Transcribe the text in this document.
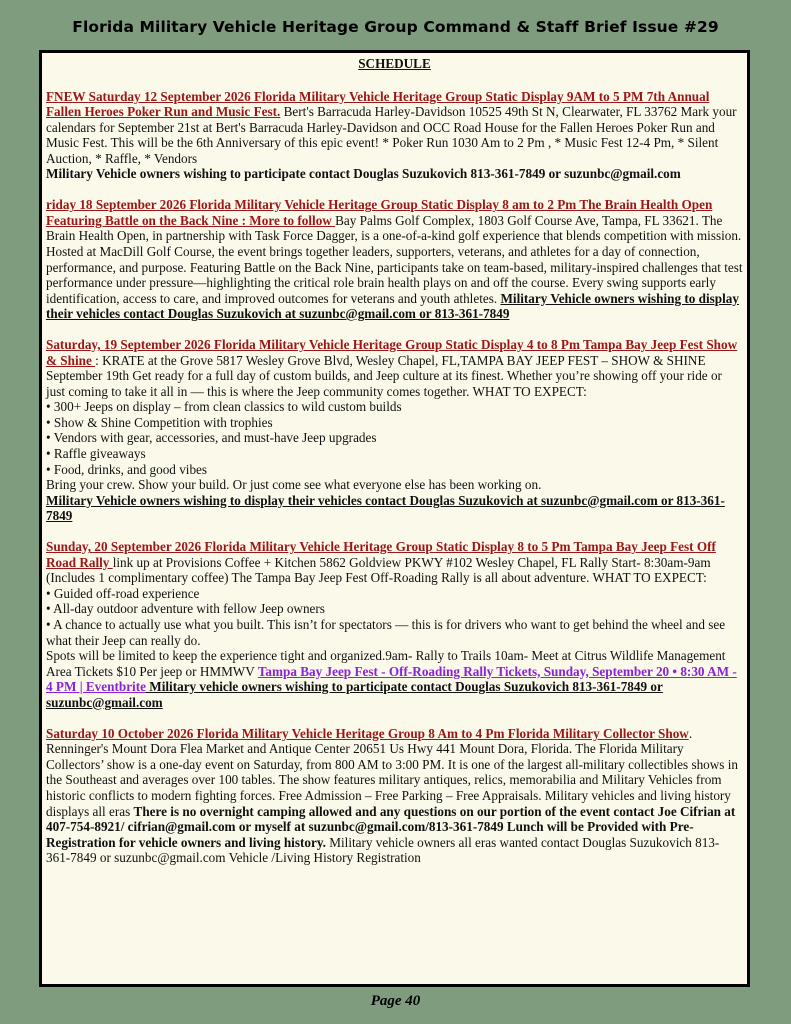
Florida Military Vehicle Heritage Group Command & Staff Brief Issue #29
SCHEDULE

FNEW Saturday 12 September 2026 Florida Military Vehicle Heritage Group Static Display 9AM to 5 PM 7th Annual Fallen Heroes Poker Run and Music Fest. Bert's Barracuda Harley-Davidson 10525 49th St N, Clearwater, FL 33762 Mark your calendars for September 21st at Bert's Barracuda Harley-Davidson and OCC Road House for the Fallen Heroes Poker Run and Music Fest. This will be the 6th Anniversary of this epic event! * Poker Run 1030 Am to 2 Pm , * Music Fest 12-4 Pm, * Silent Auction, * Raffle, * Vendors
Military Vehicle owners wishing to participate contact Douglas Suzukovich 813-361-7849 or suzunbc@gmail.com

riday 18 September 2026 Florida Military Vehicle Heritage Group Static Display 8 am to 2 Pm The Brain Health Open Featuring Battle on the Back Nine : More to follow Bay Palms Golf Complex, 1803 Golf Course Ave, Tampa, FL 33621. The Brain Health Open, in partnership with Task Force Dagger, is a one-of-a-kind golf experience that blends competition with mission. Hosted at MacDill Golf Course, the event brings together leaders, supporters, veterans, and athletes for a day of connection, performance, and purpose. Featuring Battle on the Back Nine, participants take on team-based, military-inspired challenges that test performance under pressure—highlighting the critical role brain health plays on and off the course. Every swing supports early identification, access to care, and improved outcomes for veterans and youth athletes. Military Vehicle owners wishing to display their vehicles contact Douglas Suzukovich at suzunbc@gmail.com or 813-361-7849

Saturday, 19 September 2026 Florida Military Vehicle Heritage Group Static Display 4 to 8 Pm Tampa Bay Jeep Fest Show & Shine : KRATE at the Grove 5817 Wesley Grove Blvd, Wesley Chapel, FL,TAMPA BAY JEEP FEST – SHOW & SHINE September 19th Get ready for a full day of custom builds, and Jeep culture at its finest. Whether you’re showing off your ride or just coming to take it all in — this is where the Jeep community comes together. WHAT TO EXPECT:
• 300+ Jeeps on display – from clean classics to wild custom builds
• Show & Shine Competition with trophies
• Vendors with gear, accessories, and must-have Jeep upgrades
• Raffle giveaways
• Food, drinks, and good vibes
Bring your crew. Show your build. Or just come see what everyone else has been working on.
Military Vehicle owners wishing to display their vehicles contact Douglas Suzukovich at suzunbc@gmail.com or 813-361-7849

Sunday, 20 September 2026 Florida Military Vehicle Heritage Group Static Display 8 to 5 Pm Tampa Bay Jeep Fest Off Road Rally link up at Provisions Coffee + Kitchen 5862 Goldview PKWY #102 Wesley Chapel, FL Rally Start- 8:30am-9am (Includes 1 complimentary coffee) The Tampa Bay Jeep Fest Off-Roading Rally is all about adventure. WHAT TO EXPECT:
• Guided off-road experience
• All-day outdoor adventure with fellow Jeep owners
• A chance to actually use what you built. This isn’t for spectators — this is for drivers who want to get behind the wheel and see what their Jeep can really do.
Spots will be limited to keep the experience tight and organized.9am- Rally to Trails 10am- Meet at Citrus Wildlife Management Area Tickets $10 Per jeep or HMMWV Tampa Bay Jeep Fest - Off-Roading Rally Tickets, Sunday, September 20 • 8:30 AM - 4 PM | Eventbrite Military vehicle owners wishing to participate contact Douglas Suzukovich 813-361-7849 or suzunbc@gmail.com

Saturday 10 October 2026 Florida Military Vehicle Heritage Group 8 Am to 4 Pm Florida Military Collector Show. Renninger's Mount Dora Flea Market and Antique Center 20651 Us Hwy 441 Mount Dora, Florida. The Florida Military Collectors’ show is a one-day event on Saturday, from 800 AM to 3:00 PM. It is one of the largest all-military collectibles shows in the Southeast and averages over 100 tables. The show features military antiques, relics, memorabilia and Military Vehicles from historic conflicts to modern fighting forces. Free Admission – Free Parking – Free Appraisals. Military vehicles and living history displays all eras There is no overnight camping allowed and any questions on our portion of the event contact Joe Cifrian at 407-754-8921/ cifrian@gmail.com or myself at suzunbc@gmail.com/813-361-7849 Lunch will be Provided with Pre-Registration for vehicle owners and living history. Military vehicle owners all eras wanted contact Douglas Suzukovich 813-361-7849 or suzunbc@gmail.com Vehicle /Living History Registration

Page 40
